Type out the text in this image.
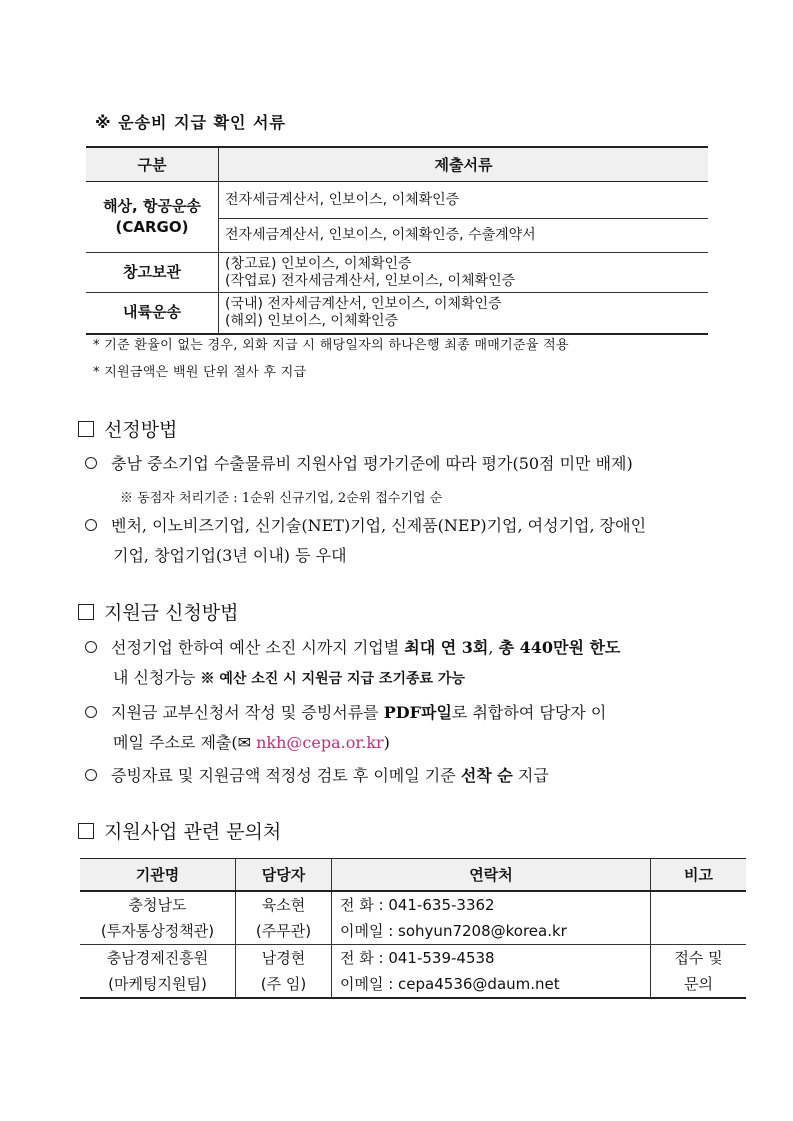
※ 운송비 지급 확인 서류
구분	제출서류

해상, 항공운송
(CARGO)	전자세금계산서, 인보이스, 이체확인증
	전자세금계산서, 인보이스, 이체확인증, 수출계약서
창고보관	(창고료) 인보이스, 이체확인증
(작업료) 전자세금계산서, 인보이스, 이체확인증

내륙운송	(국내) 전자세금계산서, 인보이스, 이체확인증
(해외) 인보이스, 이체확인증
* 기준 환율이 없는 경우, 외화 지급 시 해당일자의 하나은행 최종 매매기준율 적용
* 지원금액은 백원 단위 절사 후 지급
선정방법
충남 중소기업 수출물류비 지원사업 평가기준에 따라 평가(50점 미만 배제)
※ 동점자 처리기준 : 1순위 신규기업, 2순위 접수기업 순
벤처, 이노비즈기업, 신기술(NET)기업, 신제품(NEP)기업, 여성기업, 장애인
기업, 창업기업(3년 이내) 등 우대
지원금 신청방법
선정기업 한하여 예산 소진 시까지 기업별 최대 연 3회, 총 440만원 한도
내 신청가능 ※ 예산 소진 시 지원금 지급 조기종료 가능
지원금 교부신청서 작성 및 증빙서류를 PDF파일로 취합하여 담당자 이
메일 주소로 제출(✉ nkh@cepa.or.kr)
증빙자료 및 지원금액 적정성 검토 후 이메일 기준 선착 순 지급
지원사업 관련 문의처
기관명	담당자	연락처	비고
충청남도	육소현	전 화 : 041-635-3362	
(투자통상정책관)	(주무관)	이메일 : sohyun7208@korea.kr	
충남경제진흥원	남경현	전 화 : 041-539-4538	접수 및
(마케팅지원팀)	(주 임)	이메일 : cepa4536@daum.net	문의
